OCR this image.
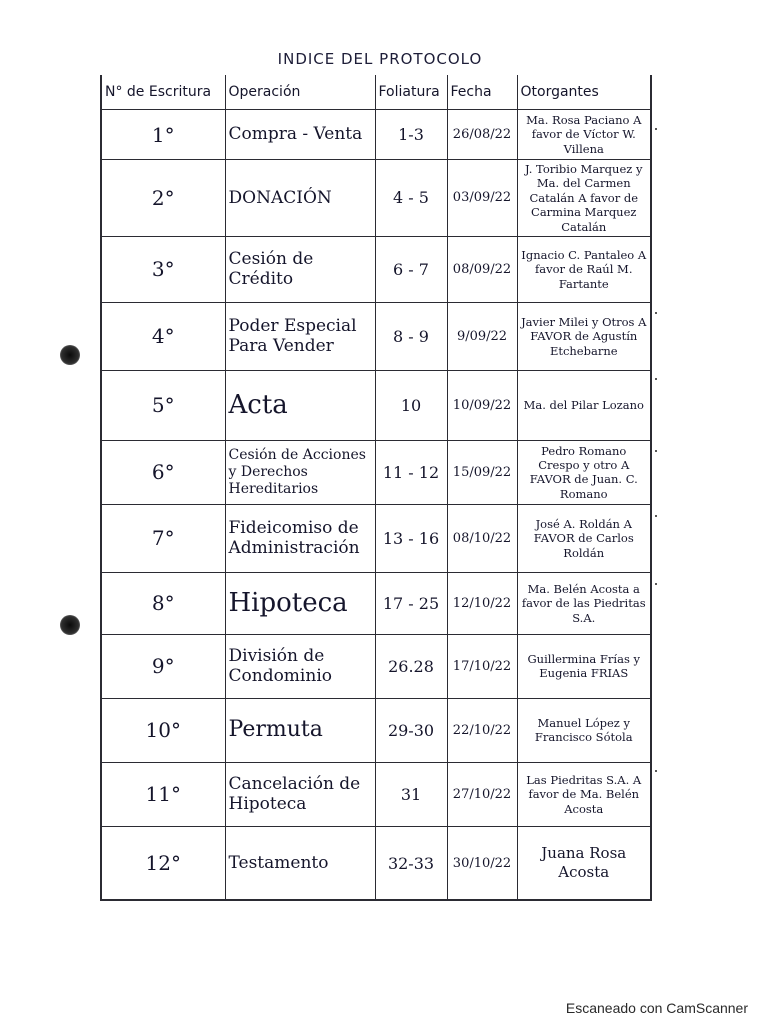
INDICE DEL PROTOCOLO
N° de Escritura	Operación	Foliatura	Fecha	Otorgantes
1°	Compra - Venta	1-3	26/08/22	Ma. Rosa Paciano A favor de Víctor W. Villena
2°	DONACIÓN	4 - 5	03/09/22	J. Toribio Marquez y Ma. del Carmen Catalán A favor de Carmina Marquez Catalán
3°	Cesión de Crédito	6 - 7	08/09/22	Ignacio C. Pantaleo A favor de Raúl M. Fartante
4°	Poder Especial Para Vender	8 - 9	9/09/22	Javier Milei y Otros A FAVOR de Agustín Etchebarne
5°	Acta	10	10/09/22	Ma. del Pilar Lozano
6°	Cesión de Acciones y Derechos Hereditarios	11 - 12	15/09/22	Pedro Romano Crespo y otro A FAVOR de Juan. C. Romano
7°	Fideicomiso de Administración	13 - 16	08/10/22	José A. Roldán A FAVOR de Carlos Roldán
8°	Hipoteca	17 - 25	12/10/22	Ma. Belén Acosta a favor de las Piedritas S.A.
9°	División de Condominio	26.28	17/10/22	Guillermina Frías y Eugenia FRIAS
10°	Permuta	29-30	22/10/22	Manuel López y Francisco Sótola
11°	Cancelación de Hipoteca	31	27/10/22	Las Piedritas S.A. A favor de Ma. Belén Acosta
12°	Testamento	32-33	30/10/22	Juana Rosa Acosta
Escaneado con CamScanner
